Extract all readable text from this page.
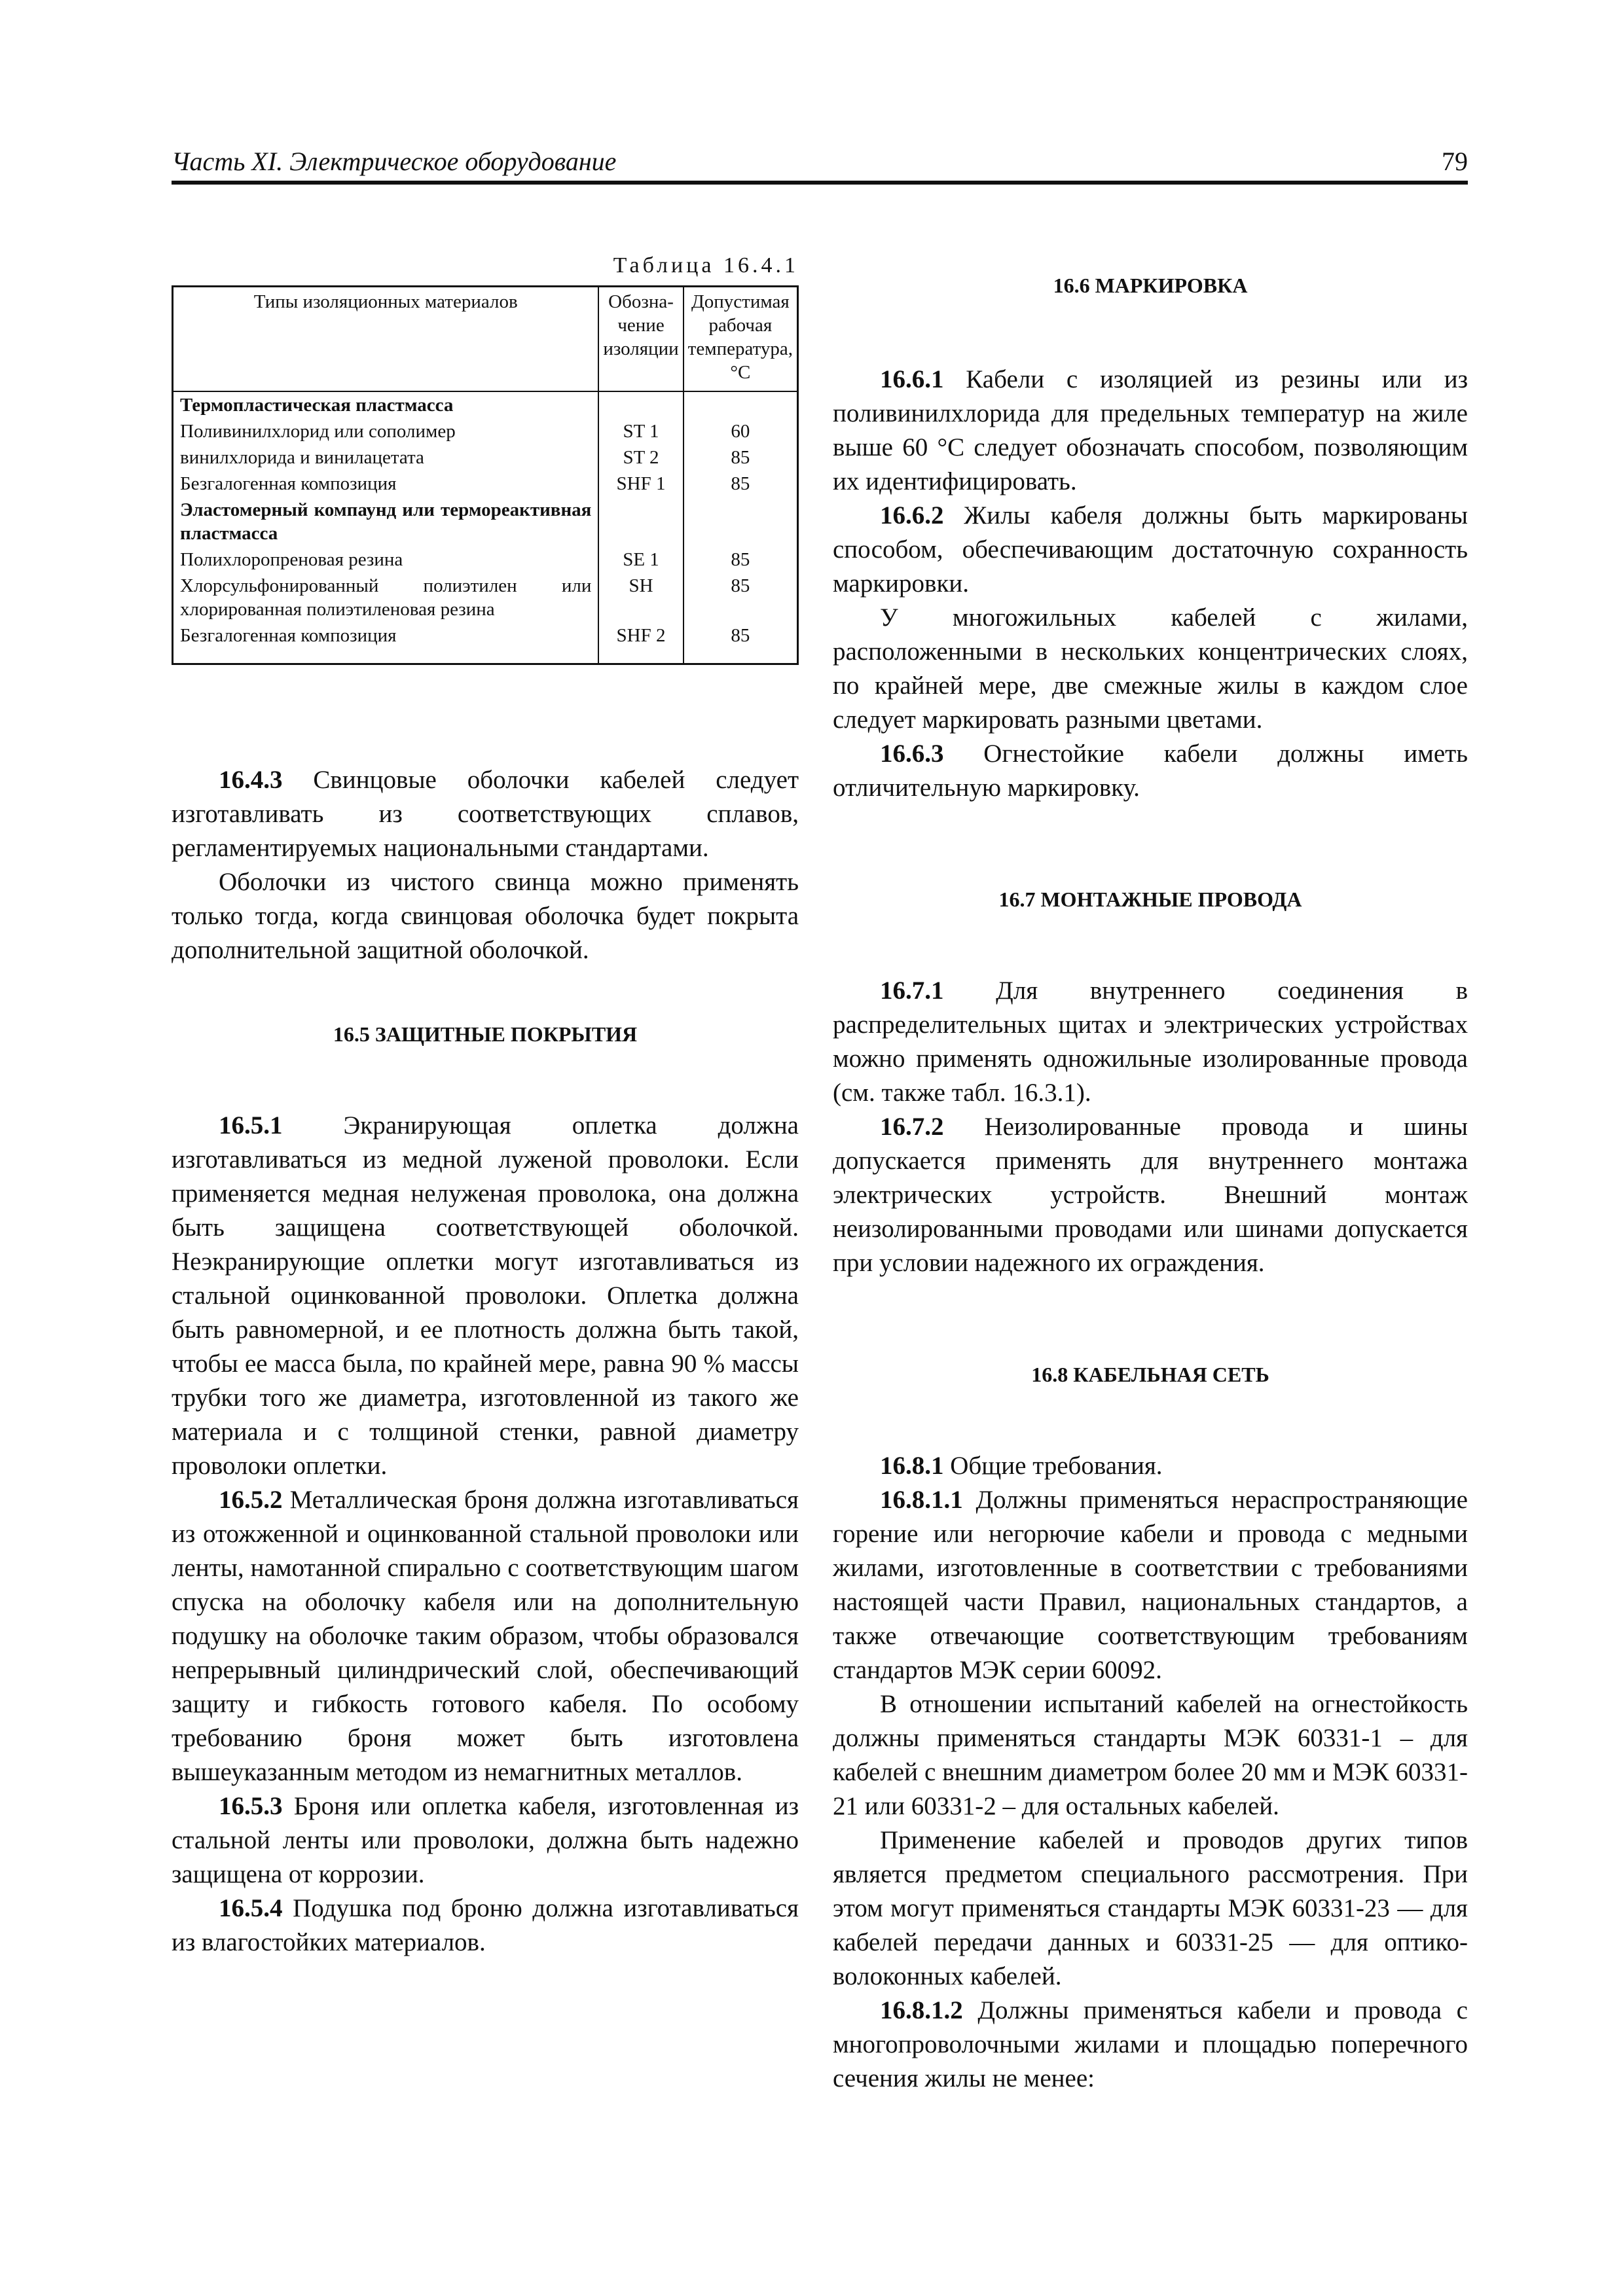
Часть XI. Электрическое оборудование	79
Таблица 16.4.1
Типы изоляционных материалов	Обозна- чение изоляции	Допустимая рабочая температура, °С
Термопластическая пластмасса		
Поливинилхлорид или сополимер	ST 1	60
винилхлорида и винилацетата	ST 2	85
Безгалогенная композиция	SHF 1	85
Эластомерный компаунд или термореактивная пластмасса		
Полихлоропреновая резина	SE 1	85
Хлорсульфонированный полиэтилен или хлорированная полиэтиленовая резина	SH	85
Безгалогенная композиция	SHF 2	85

16.4.3 Свинцовые оболочки кабелей следует изготавливать из соответствующих сплавов, регламентируемых национальными стандартами.

Оболочки из чистого свинца можно применять только тогда, когда свинцовая оболочка будет покрыта дополнительной защитной оболочкой.

16.5 ЗАЩИТНЫЕ ПОКРЫТИЯ

16.5.1 Экранирующая оплетка должна изготавливаться из медной луженой проволоки. Если применяется медная нелуженая проволока, она должна быть защищена соответствующей оболочкой. Неэкранирующие оплетки могут изготавливаться из стальной оцинкованной проволоки. Оплетка должна быть равномерной, и ее плотность должна быть такой, чтобы ее масса была, по крайней мере, равна 90 % массы трубки того же диаметра, изготовленной из такого же материала и с толщиной стенки, равной диаметру проволоки оплетки.

16.5.2 Металлическая броня должна изготавливаться из отожженной и оцинкованной стальной проволоки или ленты, намотанной спирально с соответствующим шагом спуска на оболочку кабеля или на дополнительную подушку на оболочке таким образом, чтобы образовался непрерывный цилиндрический слой, обеспечивающий защиту и гибкость готового кабеля. По особому требованию броня может быть изготовлена вышеуказанным методом из немагнитных металлов.

16.5.3 Броня или оплетка кабеля, изготовленная из стальной ленты или проволоки, должна быть надежно защищена от коррозии.

16.5.4 Подушка под броню должна изготавливаться из влагостойких материалов.

16.6 МАРКИРОВКА

16.6.1 Кабели с изоляцией из резины или из поливинилхлорида для предельных температур на жиле выше 60 °С следует обозначать способом, позволяющим их идентифицировать.

16.6.2 Жилы кабеля должны быть маркированы способом, обеспечивающим достаточную сохранность маркировки.

У многожильных кабелей с жилами, расположенными в нескольких концентрических слоях, по крайней мере, две смежные жилы в каждом слое следует маркировать разными цветами.

16.6.3 Огнестойкие кабели должны иметь отличительную маркировку.

16.7 МОНТАЖНЫЕ ПРОВОДА

16.7.1 Для внутреннего соединения в распределительных щитах и электрических устройствах можно применять одножильные изолированные провода (см. также табл. 16.3.1).

16.7.2 Неизолированные провода и шины допускается применять для внутреннего монтажа электрических устройств. Внешний монтаж неизолированными проводами или шинами допускается при условии надежного их ограждения.

16.8 КАБЕЛЬНАЯ СЕТЬ

16.8.1 Общие требования.

16.8.1.1 Должны применяться нераспространяющие горение или негорючие кабели и провода с медными жилами, изготовленные в соответствии с требованиями настоящей части Правил, национальных стандартов, а также отвечающие соответствующим требованиям стандартов МЭК серии 60092.

В отношении испытаний кабелей на огнестойкость должны применяться стандарты МЭК 60331-1 – для кабелей с внешним диаметром более 20 мм и МЭК 60331-21 или 60331-2 – для остальных кабелей.

Применение кабелей и проводов других типов является предметом специального рассмотрения. При этом могут применяться стандарты МЭК 60331-23 — для кабелей передачи данных и 60331-25 — для оптико-волоконных кабелей.

16.8.1.2 Должны применяться кабели и провода с многопроволочными жилами и площадью поперечного сечения жилы не менее:
